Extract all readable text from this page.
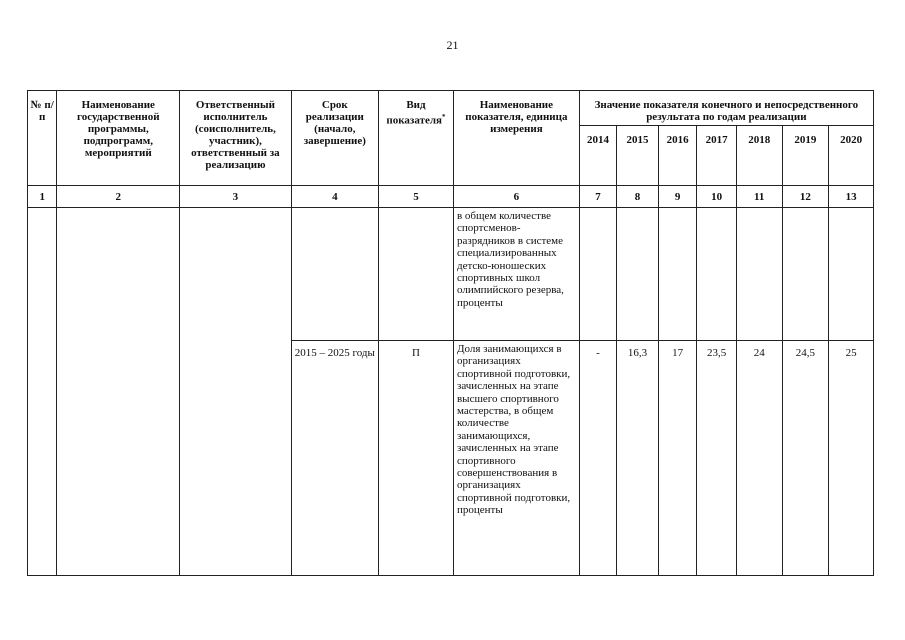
21
№ п/п	Наименование государственной программы, подпрограмм, мероприятий	Ответственный исполнитель (соисполнитель, участник), ответственный за реализацию	Срок реализации (начало, завершение)	Вид показателя*	Наименование показателя, единица измерения	Значение показателя конечного и непосредственного результата по годам реализации						
						2014	2015	2016	2017	2018	2019	2020
1	2	3	4	5	6	7	8	9	10	11	12	13
					в общем количестве спортсменов-разрядников в системе специализированных детско-юношеских спортивных школ олимпийского резерва, проценты							
			2015 – 2025 годы	П	Доля занимающихся в организациях спортивной подготовки, зачисленных на этапе высшего спортивного мастерства, в общем количестве занимающихся, зачисленных на этапе спортивного совершенствования в организациях спортивной подготовки, проценты	-	16,3	17	23,5	24	24,5	25
